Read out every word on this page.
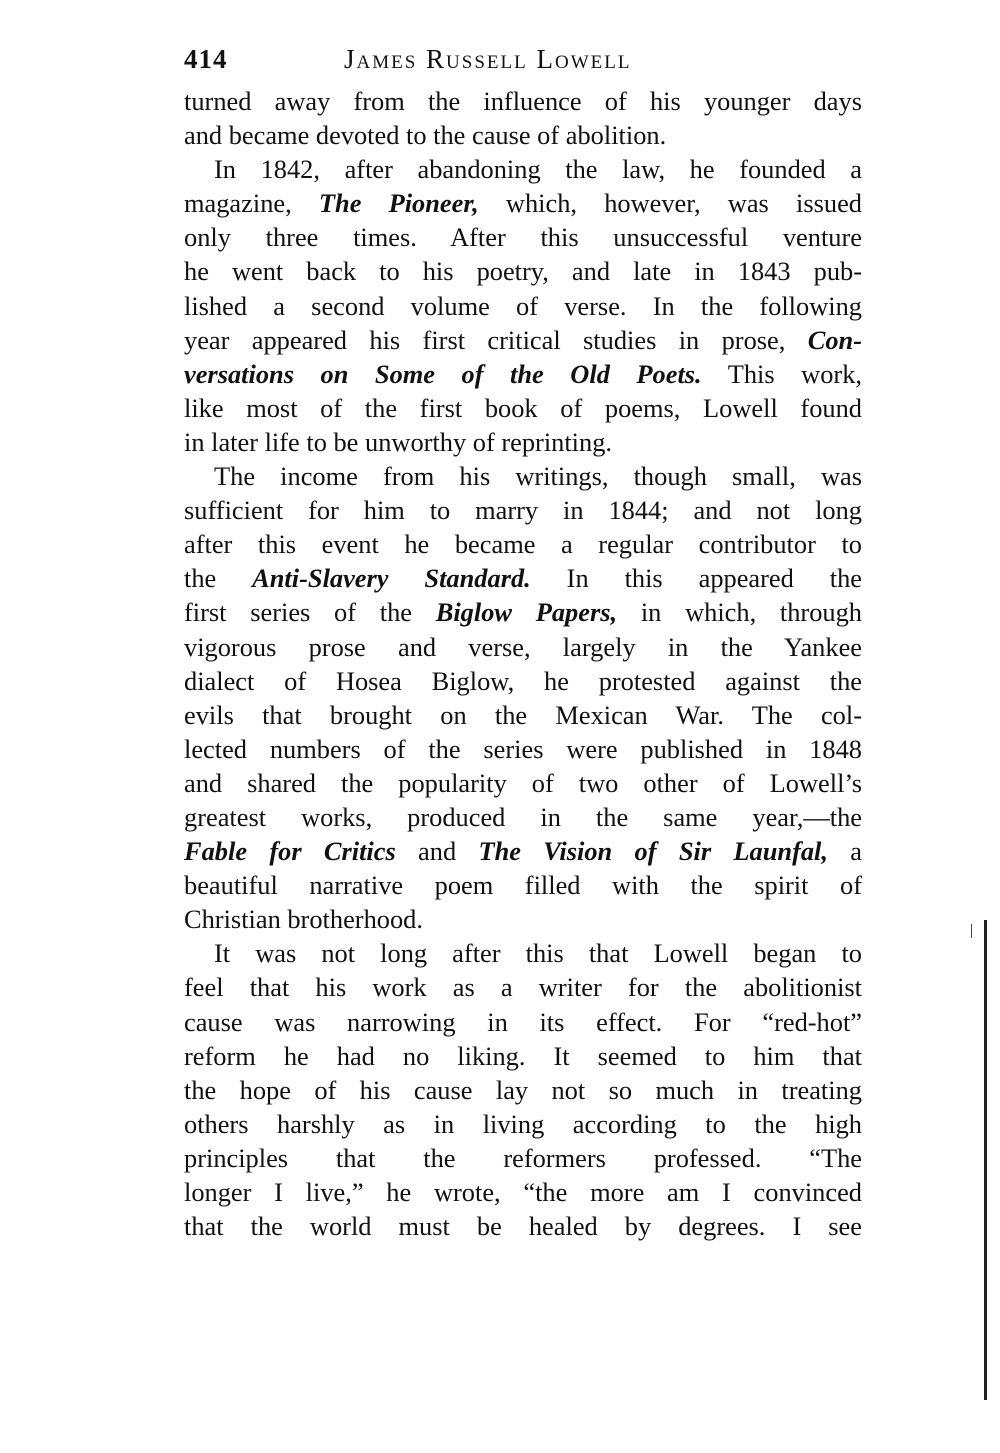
414	James Russell Lowell
turned away from the influence of his younger days
and became devoted to the cause of abolition.
In 1842, after abandoning the law, he founded a
magazine, The Pioneer, which, however, was issued
only three times. After this unsuccessful venture
he went back to his poetry, and late in 1843 pub-
lished a second volume of verse. In the following
year appeared his first critical studies in prose, Con-
versations on Some of the Old Poets. This work,
like most of the first book of poems, Lowell found
in later life to be unworthy of reprinting.
The income from his writings, though small, was
sufficient for him to marry in 1844; and not long
after this event he became a regular contributor to
the Anti-Slavery Standard. In this appeared the
first series of the Biglow Papers, in which, through
vigorous prose and verse, largely in the Yankee
dialect of Hosea Biglow, he protested against the
evils that brought on the Mexican War. The col-
lected numbers of the series were published in 1848
and shared the popularity of two other of Lowell’s
greatest works, produced in the same year,—the
Fable for Critics and The Vision of Sir Launfal, a
beautiful narrative poem filled with the spirit of
Christian brotherhood.
It was not long after this that Lowell began to
feel that his work as a writer for the abolitionist
cause was narrowing in its effect. For “red-hot”
reform he had no liking. It seemed to him that
the hope of his cause lay not so much in treating
others harshly as in living according to the high
principles that the reformers professed. “The
longer I live,” he wrote, “the more am I convinced
that the world must be healed by degrees. I see
